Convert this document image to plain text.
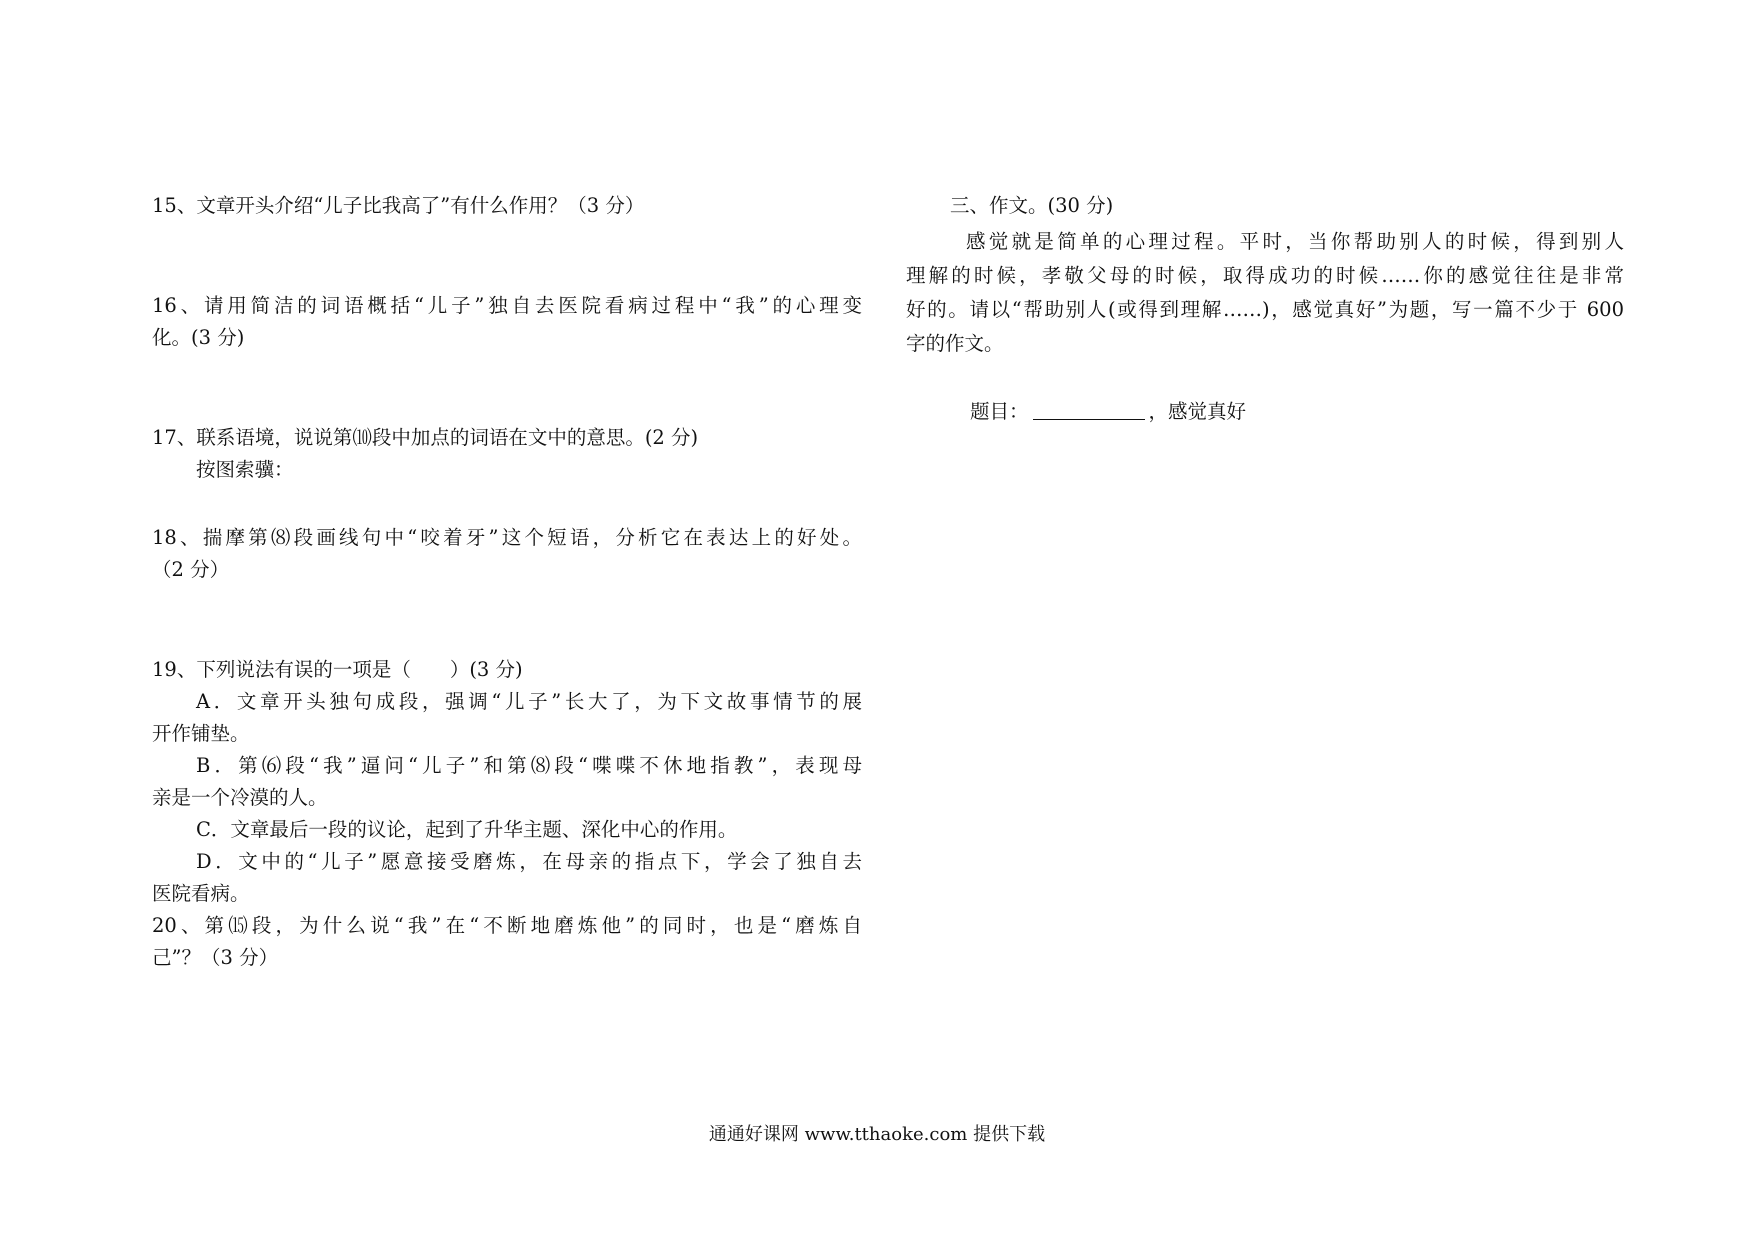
15、文章开头介绍“儿子比我高了”有什么作用？（3 分）
16、请用简洁的词语概括“儿子”独自去医院看病过程中“我”的心理变
化。(3 分)
17、联系语境，说说第⑽段中加点的词语在文中的意思。(2 分)
按图索骥：
18、揣摩第⑻段画线句中“咬着牙”这个短语，分析它在表达上的好处。
（2 分）
19、下列说法有误的一项是（　　）(3 分)
A．文章开头独句成段，强调“儿子”长大了，为下文故事情节的展
开作铺垫。
B．第⑹段“我”逼问“儿子”和第⑻段“喋喋不休地指教”，表现母
亲是一个冷漠的人。
C．文章最后一段的议论，起到了升华主题、深化中心的作用。
D．文中的“儿子”愿意接受磨炼，在母亲的指点下，学会了独自去
医院看病。
20、第⒂段，为什么说“我”在“不断地磨炼他”的同时，也是“磨炼自
己”？（3 分）
三、作文。(30 分)
感觉就是简单的心理过程。平时，当你帮助别人的时候，得到别人
理解的时候，孝敬父母的时候，取得成功的时候……你的感觉往往是非常
好的。请以“帮助别人(或得到理解……)，感觉真好”为题，写一篇不少于 600
字的作文。
题目：	，感觉真好
通通好课网 www.tthaoke.com 提供下载
